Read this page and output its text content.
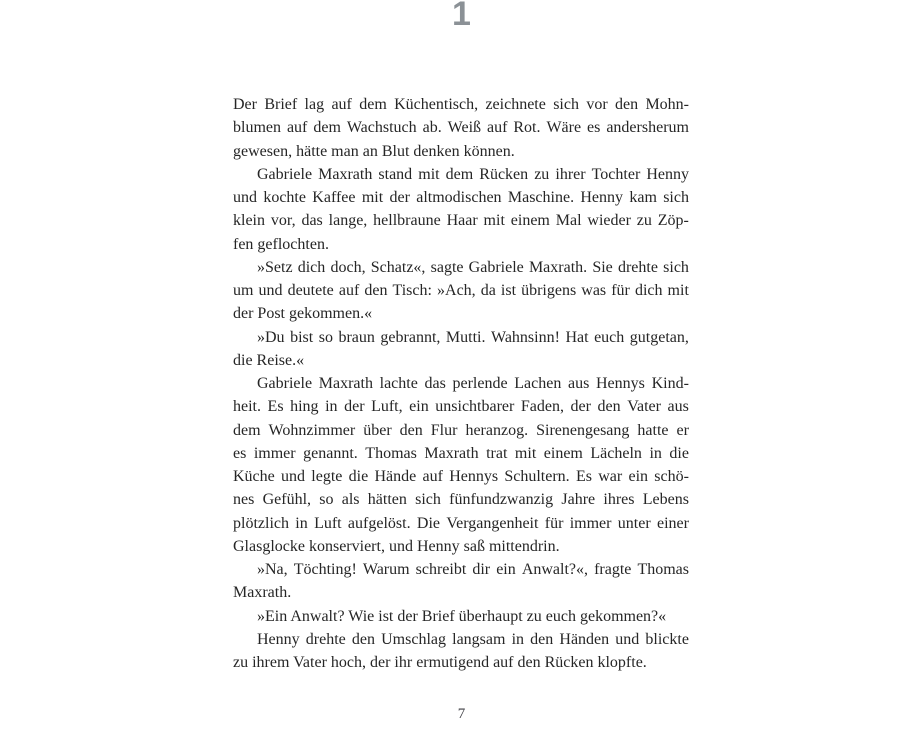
1
Der Brief lag auf dem Küchentisch, zeichnete sich vor den Mohn-
blumen auf dem Wachstuch ab. Weiß auf Rot. Wäre es andersherum
gewesen, hätte man an Blut denken können.
Gabriele Maxrath stand mit dem Rücken zu ihrer Tochter Henny
und kochte Kaffee mit der altmodischen Maschine. Henny kam sich
klein vor, das lange, hellbraune Haar mit einem Mal wieder zu Zöp-
fen geflochten.
»Setz dich doch, Schatz«, sagte Gabriele Maxrath. Sie drehte sich
um und deutete auf den Tisch: »Ach, da ist übrigens was für dich mit
der Post gekommen.«
»Du bist so braun gebrannt, Mutti. Wahnsinn! Hat euch gutgetan,
die Reise.«
Gabriele Maxrath lachte das perlende Lachen aus Hennys Kind-
heit. Es hing in der Luft, ein unsichtbarer Faden, der den Vater aus
dem Wohnzimmer über den Flur heranzog. Sirenengesang hatte er
es immer genannt. Thomas Maxrath trat mit einem Lächeln in die
Küche und legte die Hände auf Hennys Schultern. Es war ein schö-
nes Gefühl, so als hätten sich fünfundzwanzig Jahre ihres Lebens
plötzlich in Luft aufgelöst. Die Vergangenheit für immer unter einer
Glasglocke konserviert, und Henny saß mittendrin.
»Na, Töchting! Warum schreibt dir ein Anwalt?«, fragte Thomas
Maxrath.
»Ein Anwalt? Wie ist der Brief überhaupt zu euch gekommen?«
Henny drehte den Umschlag langsam in den Händen und blickte
zu ihrem Vater hoch, der ihr ermutigend auf den Rücken klopfte.
7
